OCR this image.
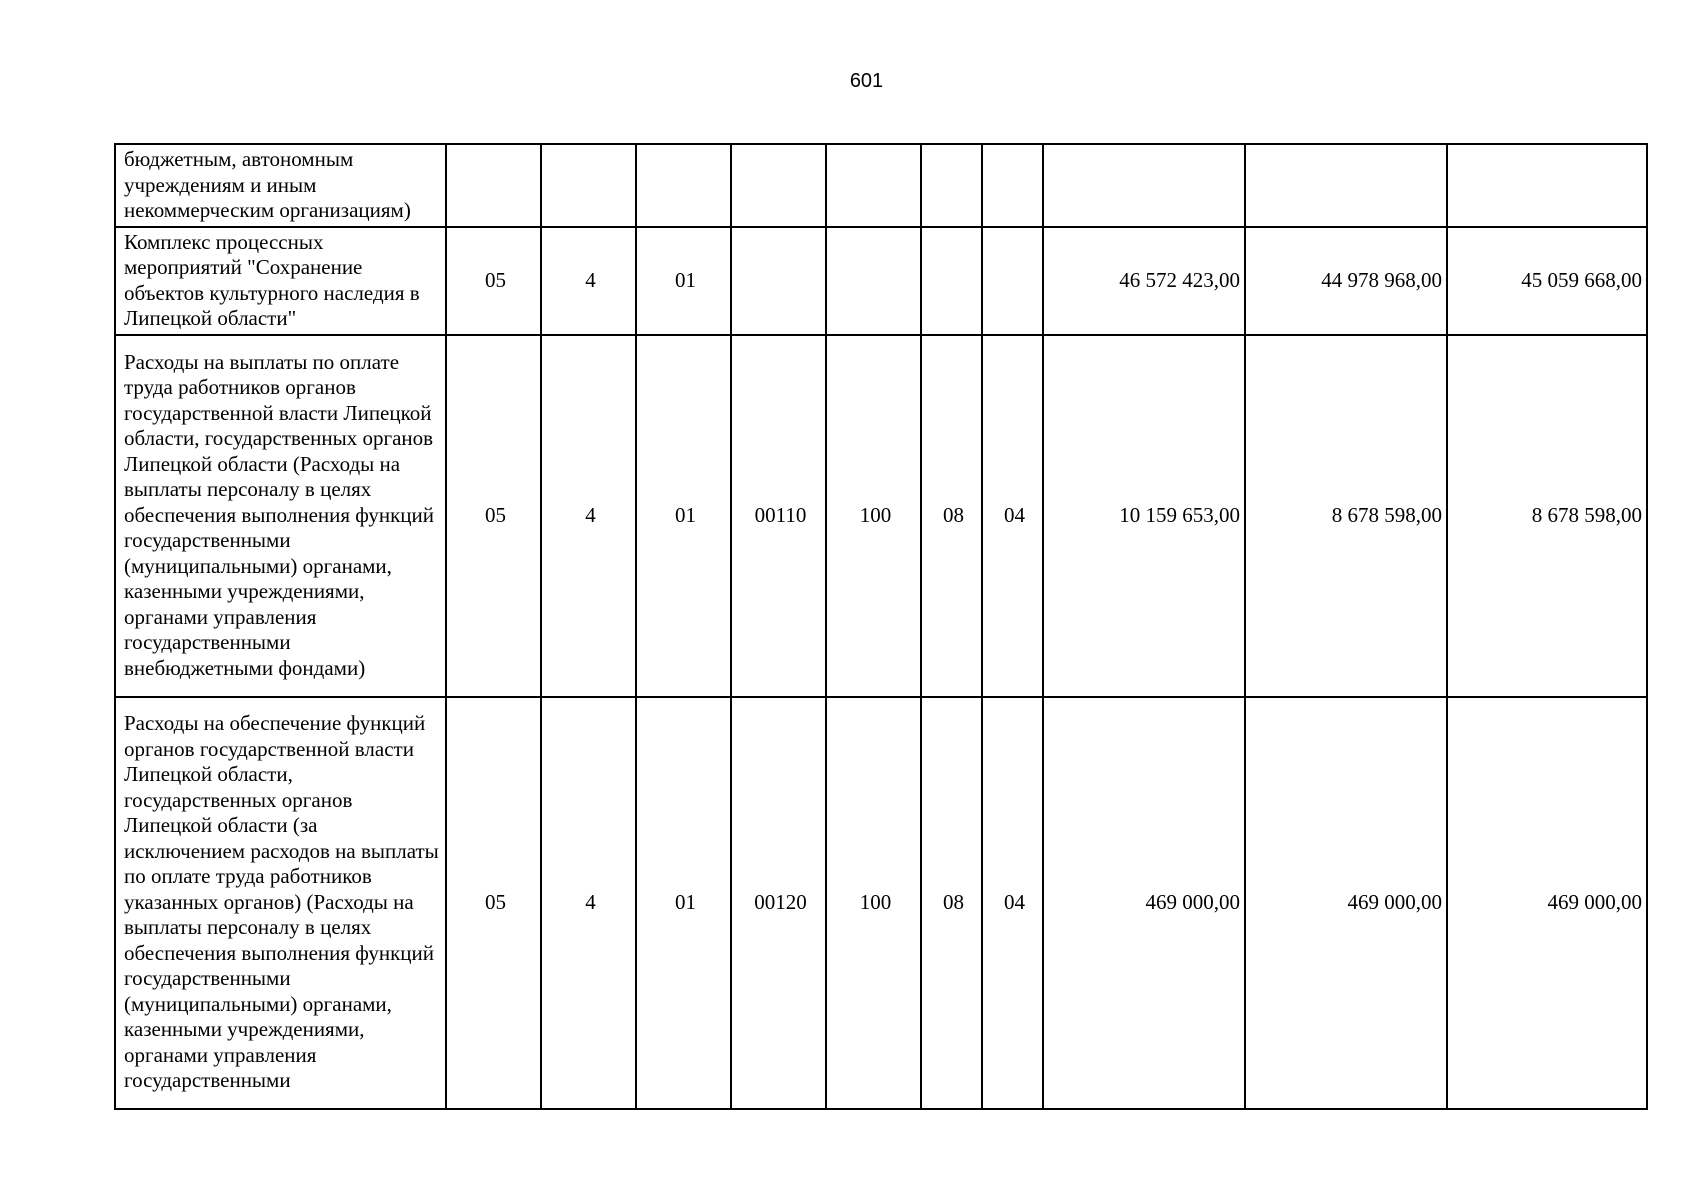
601
бюджетным, автономным учреждениям и иным некоммерческим организациям)										
Комплекс процессных мероприятий "Сохранение объектов культурного наследия в Липецкой области"	05	4	01					46 572 423,00	44 978 968,00	45 059 668,00
Расходы на выплаты по оплате труда работников органов государственной власти Липецкой области, государственных органов Липецкой области (Расходы на выплаты персоналу в целях обеспечения выполнения функций государственными (муниципальными) органами, казенными учреждениями, органами управления государственными внебюджетными фондами)	05	4	01	00110	100	08	04	10 159 653,00	8 678 598,00	8 678 598,00
Расходы на обеспечение функций органов государственной власти Липецкой области, государственных органов Липецкой области (за исключением расходов на выплаты по оплате труда работников указанных органов) (Расходы на выплаты персоналу в целях обеспечения выполнения функций государственными (муниципальными) органами, казенными учреждениями, органами управления государственными	05	4	01	00120	100	08	04	469 000,00	469 000,00	469 000,00
